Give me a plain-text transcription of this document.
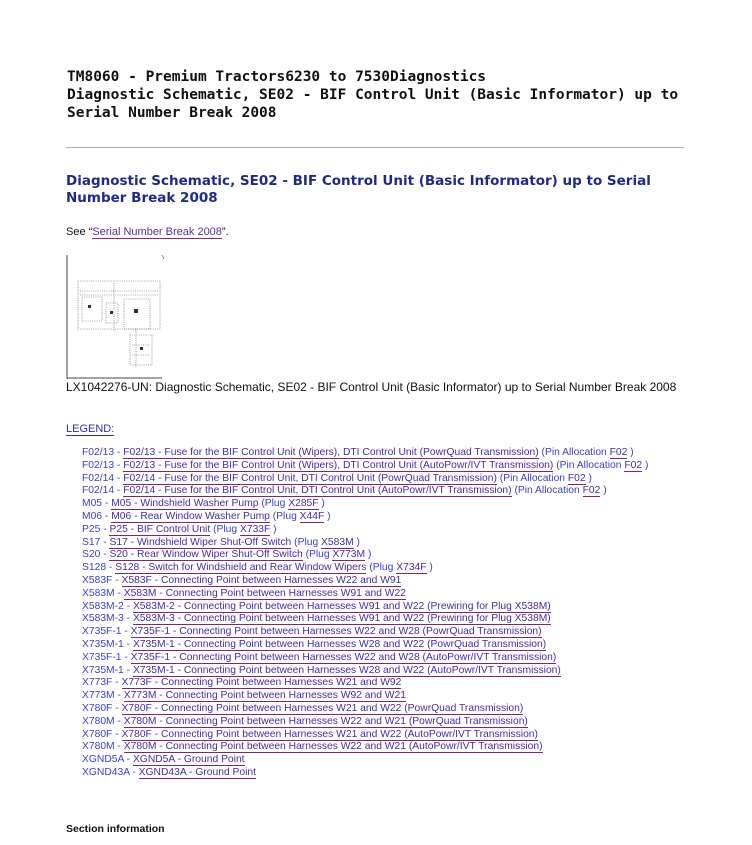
TM8060 - Premium Tractors6230 to 7530Diagnostics
Diagnostic Schematic, SE02 - BIF Control Unit (Basic Informator) up to
Serial Number Break 2008
Diagnostic Schematic, SE02 - BIF Control Unit (Basic Informator) up to Serial Number Break 2008
See “Serial Number Break 2008”.
LX1042276-UN: Diagnostic Schematic, SE02 - BIF Control Unit (Basic Informator) up to Serial Number Break 2008
LEGEND:
F02/13 - F02/13 - Fuse for the BIF Control Unit (Wipers), DTI Control Unit (PowrQuad Transmission) (Pin Allocation F02 )
F02/13 - F02/13 - Fuse for the BIF Control Unit (Wipers), DTI Control Unit (AutoPowr/IVT Transmission) (Pin Allocation F02 )
F02/14 - F02/14 - Fuse for the BIF Control Unit, DTI Control Unit (PowrQuad Transmission) (Pin Allocation F02 )
F02/14 - F02/14 - Fuse for the BIF Control Unit, DTI Control Unit (AutoPowr/IVT Transmission) (Pin Allocation F02 )
M05 - M05 - Windshield Washer Pump (Plug X285F )
M06 - M06 - Rear Window Washer Pump (Plug X44F )
P25 - P25 - BIF Control Unit (Plug X733F )
S17 - S17 - Windshield Wiper Shut-Off Switch (Plug X583M )
S20 - S20 - Rear Window Wiper Shut-Off Switch (Plug X773M )
S128 - S128 - Switch for Windshield and Rear Window Wipers (Plug X734F )
X583F - X583F - Connecting Point between Harnesses W22 and W91
X583M - X583M - Connecting Point between Harnesses W91 and W22
X583M-2 - X583M-2 - Connecting Point between Harnesses W91 and W22 (Prewiring for Plug X538M)
X583M-3 - X583M-3 - Connecting Point between Harnesses W91 and W22 (Prewiring for Plug X538M)
X735F-1 - X735F-1 - Connecting Point between Harnesses W22 and W28 (PowrQuad Transmission)
X735M-1 - X735M-1 - Connecting Point between Harnesses W28 and W22 (PowrQuad Transmission)
X735F-1 - X735F-1 - Connecting Point between Harnesses W22 and W28 (AutoPowr/IVT Transmission)
X735M-1 - X735M-1 - Connecting Point between Harnesses W28 and W22 (AutoPowr/IVT Transmission)
X773F - X773F - Connecting Point between Harnesses W21 and W92
X773M - X773M - Connecting Point between Harnesses W92 and W21
X780F - X780F - Connecting Point between Harnesses W21 and W22 (PowrQuad Transmission)
X780M - X780M - Connecting Point between Harnesses W22 and W21 (PowrQuad Transmission)
X780F - X780F - Connecting Point between Harnesses W21 and W22 (AutoPowr/IVT Transmission)
X780M - X780M - Connecting Point between Harnesses W22 and W21 (AutoPowr/IVT Transmission)
XGND5A - XGND5A - Ground Point
XGND43A - XGND43A - Ground Point
Section information
